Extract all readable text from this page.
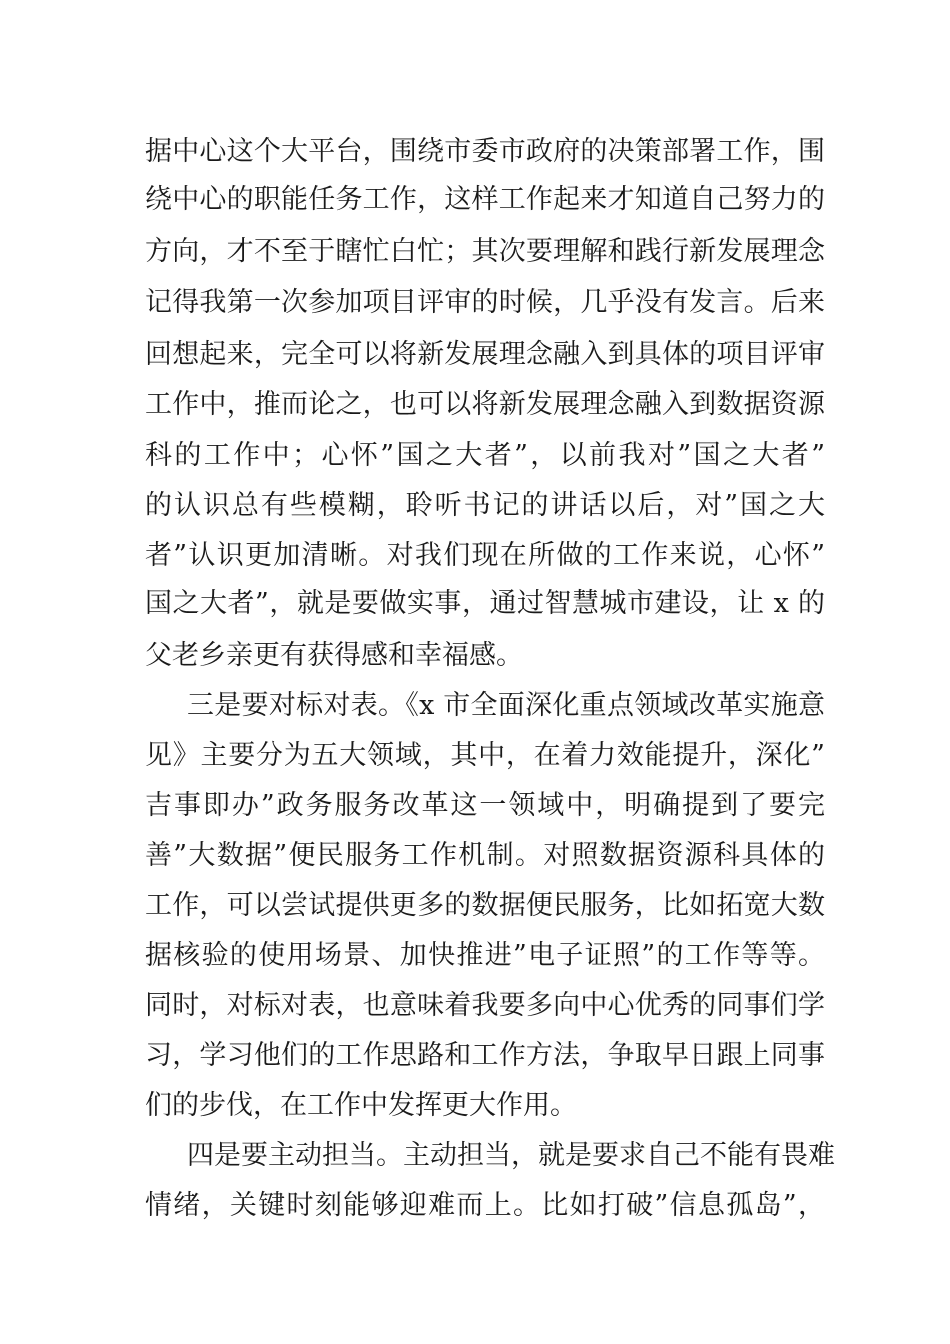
据中心这个大平台，围绕市委市政府的决策部署工作，围
绕中心的职能任务工作，这样工作起来才知道自己努力的
方向，才不至于瞎忙白忙；其次要理解和践行新发展理念
记得我第一次参加项目评审的时候，几乎没有发言。后来
回想起来，完全可以将新发展理念融入到具体的项目评审
工作中，推而论之，也可以将新发展理念融入到数据资源
科的工作中；心怀”国之大者”，以前我对”国之大者”
的认识总有些模糊，聆听书记的讲话以后，对”国之大
者”认识更加清晰。对我们现在所做的工作来说，心怀”
国之大者”，就是要做实事，通过智慧城市建设，让 x 的
父老乡亲更有获得感和幸福感。
三是要对标对表。《x 市全面深化重点领域改革实施意
见》主要分为五大领域，其中，在着力效能提升，深化”
吉事即办”政务服务改革这一领域中，明确提到了要完
善”大数据”便民服务工作机制。对照数据资源科具体的
工作，可以尝试提供更多的数据便民服务，比如拓宽大数
据核验的使用场景、加快推进”电子证照”的工作等等。
同时，对标对表，也意味着我要多向中心优秀的同事们学
习，学习他们的工作思路和工作方法，争取早日跟上同事
们的步伐，在工作中发挥更大作用。
四是要主动担当。主动担当，就是要求自己不能有畏难
情绪，关键时刻能够迎难而上。比如打破”信息孤岛”，
